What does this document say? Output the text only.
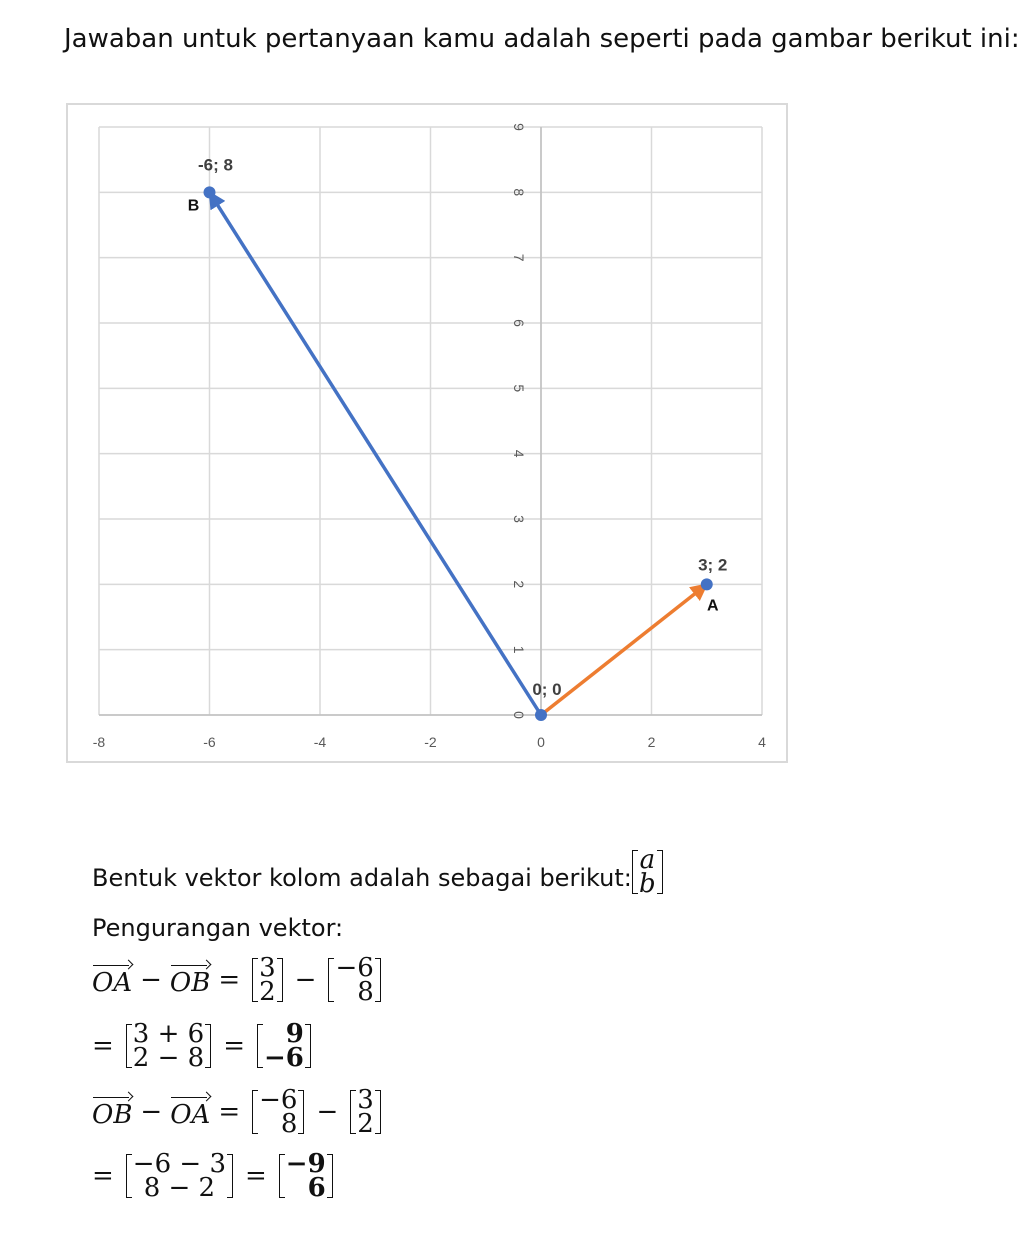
Jawaban untuk pertanyaan kamu adalah seperti pada gambar berikut ini:
-8	-6	-4	-2	0	2	4
0
1
2
3
4
5
6
7
8
9
0; 0
-6; 8
B
3; 2
A
Bentuk vektor kolom adalah sebagai berikut:
a
b
Pengurangan vektor:
OA − OB = 3
2 − −6
8
= 3 + 6
2 − 8 = 9
−6
OB − OA = −6
8 − 3
2
= −6 − 3
8 − 2 = −9
6
